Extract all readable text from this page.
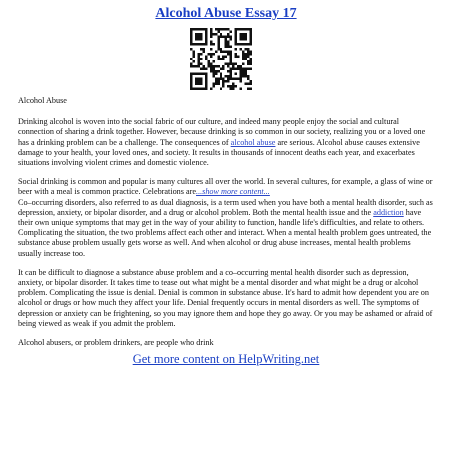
Alcohol Abuse Essay 17

Alcohol Abuse

Drinking alcohol is woven into the social fabric of our culture, and indeed many people enjoy the social and cultural connection of sharing a drink together. However, because drinking is so common in our society, realizing you or a loved one has a drinking problem can be a challenge. The consequences of alcohol abuse are serious. Alcohol abuse causes extensive damage to your health, your loved ones, and society. It results in thousands of innocent deaths each year, and exacerbates situations involving violent crimes and domestic violence.

Social drinking is common and popular is many cultures all over the world. In several cultures, for example, a glass of wine or beer with a meal is common practice. Celebrations are...show more content...

Co–occurring disorders, also referred to as dual diagnosis, is a term used when you have both a mental health disorder, such as depression, anxiety, or bipolar disorder, and a drug or alcohol problem. Both the mental health issue and the addiction have their own unique symptoms that may get in the way of your ability to function, handle life's difficulties, and relate to others. Complicating the situation, the two problems affect each other and interact. When a mental health problem goes untreated, the substance abuse problem usually gets worse as well. And when alcohol or drug abuse increases, mental health problems usually increase too.

It can be difficult to diagnose a substance abuse problem and a co–occurring mental health disorder such as depression, anxiety, or bipolar disorder. It takes time to tease out what might be a mental disorder and what might be a drug or alcohol problem. Complicating the issue is denial. Denial is common in substance abuse. It's hard to admit how dependent you are on alcohol or drugs or how much they affect your life. Denial frequently occurs in mental disorders as well. The symptoms of depression or anxiety can be frightening, so you may ignore them and hope they go away. Or you may be ashamed or afraid of being viewed as weak if you admit the problem.

Alcohol abusers, or problem drinkers, are people who drink

Get more content on HelpWriting.net
